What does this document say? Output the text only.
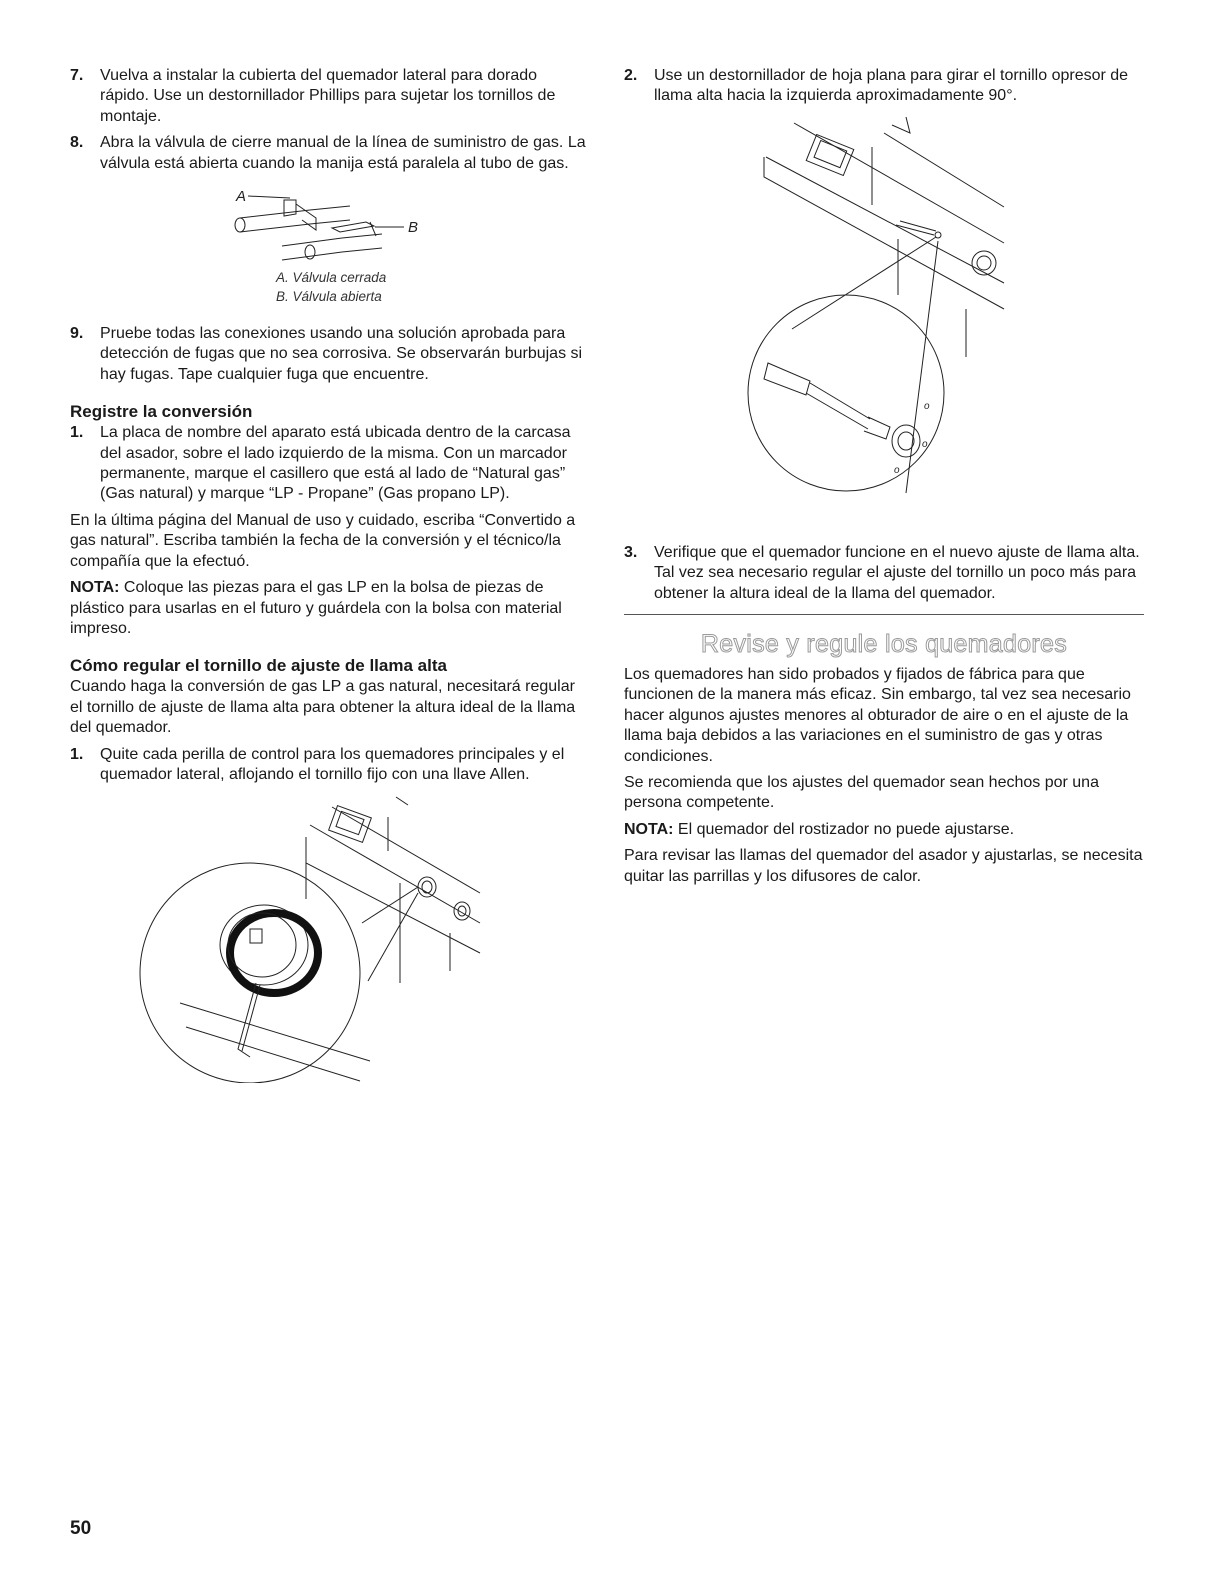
7. Vuelva a instalar la cubierta del quemador lateral para dorado rápido. Use un destornillador Phillips para sujetar los tornillos de montaje.
8. Abra la válvula de cierre manual de la línea de suministro de gas. La válvula está abierta cuando la manija está paralela al tubo de gas.
A
B
A. Válvula cerrada
B. Válvula abierta
9. Pruebe todas las conexiones usando una solución aprobada para detección de fugas que no sea corrosiva. Se observarán burbujas si hay fugas. Tape cualquier fuga que encuentre.
Registre la conversión
1. La placa de nombre del aparato está ubicada dentro de la carcasa del asador, sobre el lado izquierdo de la misma. Con un marcador permanente, marque el casillero que está al lado de “Natural gas” (Gas natural) y marque “LP - Propane” (Gas propano LP).

En la última página del Manual de uso y cuidado, escriba “Convertido a gas natural”. Escriba también la fecha de la conversión y el técnico/la compañía que la efectuó.

NOTA: Coloque las piezas para el gas LP en la bolsa de piezas de plástico para usarlas en el futuro y guárdela con la bolsa con material impreso.

Cómo regular el tornillo de ajuste de llama alta

Cuando haga la conversión de gas LP a gas natural, necesitará regular el tornillo de ajuste de llama alta para obtener la altura ideal de la llama del quemador.

1. Quite cada perilla de control para los quemadores principales y el quemador lateral, aflojando el tornillo fijo con una llave Allen.
2. Use un destornillador de hoja plana para girar el tornillo opresor de llama alta hacia la izquierda aproximadamente 90°.
o
o
o
3. Verifique que el quemador funcione en el nuevo ajuste de llama alta. Tal vez sea necesario regular el ajuste del tornillo un poco más para obtener la altura ideal de la llama del quemador.
Revise y regule los quemadores

Los quemadores han sido probados y fijados de fábrica para que funcionen de la manera más eficaz. Sin embargo, tal vez sea necesario hacer algunos ajustes menores al obturador de aire o en el ajuste de la llama baja debidos a las variaciones en el suministro de gas y otras condiciones.

Se recomienda que los ajustes del quemador sean hechos por una persona competente.

NOTA: El quemador del rostizador no puede ajustarse.

Para revisar las llamas del quemador del asador y ajustarlas, se necesita quitar las parrillas y los difusores de calor.

50
